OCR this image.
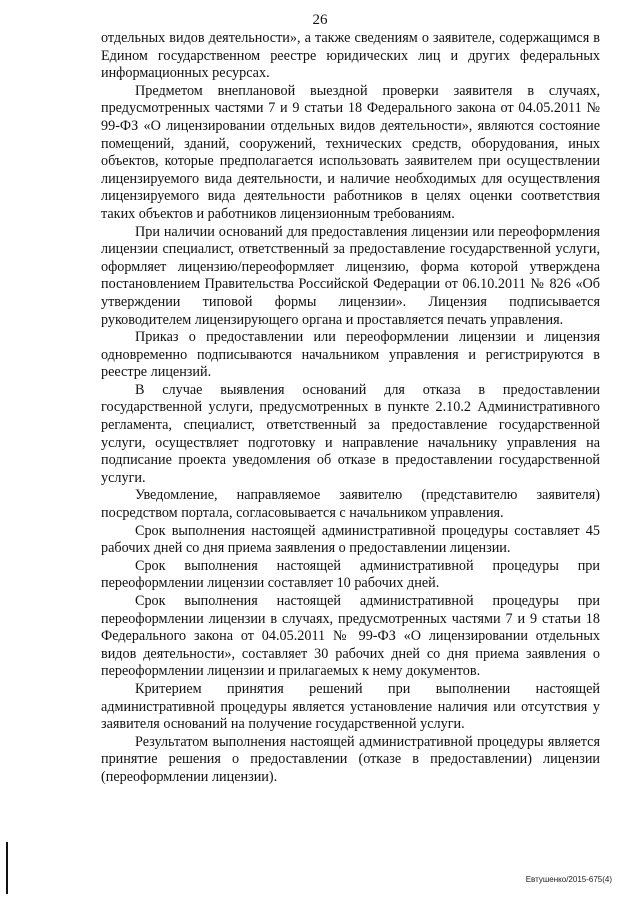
26

отдельных видов деятельности», а также сведениям о заявителе, содержащимся в Едином государственном реестре юридических лиц и других федеральных информационных ресурсах.

Предметом внеплановой выездной проверки заявителя в случаях, предусмотренных частями 7 и 9 статьи 18 Федерального закона от 04.05.2011 № 99-ФЗ «О лицензировании отдельных видов деятельности», являются состояние помещений, зданий, сооружений, технических средств, оборудования, иных объектов, которые предполагается использовать заявителем при осуществлении лицензируемого вида деятельности, и наличие необходимых для осуществления лицензируемого вида деятельности работников в целях оценки соответствия таких объектов и работников лицензионным требованиям.

При наличии оснований для предоставления лицензии или переоформления лицензии специалист, ответственный за предоставление государственной услуги, оформляет лицензию/переоформляет лицензию, форма которой утверждена постановлением Правительства Российской Федерации от 06.10.2011 № 826 «Об утверждении типовой формы лицензии». Лицензия подписывается руководителем лицензирующего органа и проставляется печать управления.

Приказ о предоставлении или переоформлении лицензии и лицензия одновременно подписываются начальником управления и регистрируются в реестре лицензий.

В случае выявления оснований для отказа в предоставлении государственной услуги, предусмотренных в пункте 2.10.2 Административного регламента, специалист, ответственный за предоставление государственной услуги, осуществляет подготовку и направление начальнику управления на подписание проекта уведомления об отказе в предоставлении государственной услуги.

Уведомление, направляемое заявителю (представителю заявителя) посредством портала, согласовывается с начальником управления.

Срок выполнения настоящей административной процедуры составляет 45 рабочих дней со дня приема заявления о предоставлении лицензии.

Срок выполнения настоящей административной процедуры при переоформлении лицензии составляет 10 рабочих дней.

Срок выполнения настоящей административной процедуры при переоформлении лицензии в случаях, предусмотренных частями 7 и 9 статьи 18 Федерального закона от 04.05.2011 № 99-ФЗ «О лицензировании отдельных видов деятельности», составляет 30 рабочих дней со дня приема заявления о переоформлении лицензии и прилагаемых к нему документов.

Критерием принятия решений при выполнении настоящей административной процедуры является установление наличия или отсутствия у заявителя оснований на получение государственной услуги.

Результатом выполнения настоящей административной процедуры является принятие решения о предоставлении (отказе в предоставлении) лицензии (переоформлении лицензии).

Евтушенко/2015-675(4)
